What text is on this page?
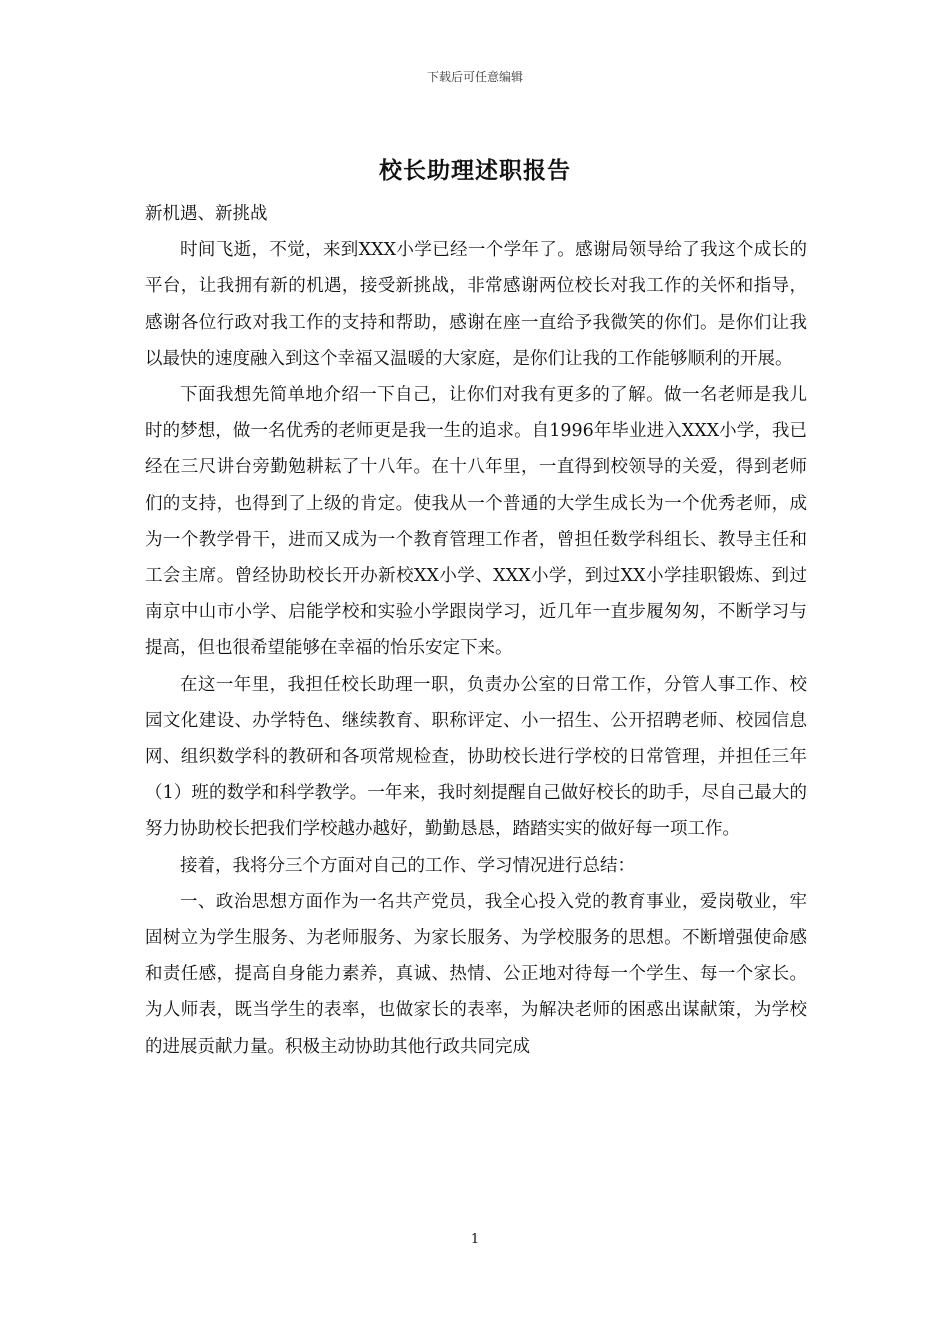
下载后可任意编辑
校长助理述职报告

新机遇、新挑战

时间飞逝，不觉，来到XXX小学已经一个学年了。感谢局领导给了我这个成长的平台，让我拥有新的机遇，接受新挑战，非常感谢两位校长对我工作的关怀和指导，感谢各位行政对我工作的支持和帮助，感谢在座一直给予我微笑的你们。是你们让我以最快的速度融入到这个幸福又温暖的大家庭，是你们让我的工作能够顺利的开展。

下面我想先简单地介绍一下自己，让你们对我有更多的了解。做一名老师是我儿时的梦想，做一名优秀的老师更是我一生的追求。自1996年毕业进入XXX小学，我已经在三尺讲台旁勤勉耕耘了十八年。在十八年里，一直得到校领导的关爱，得到老师们的支持，也得到了上级的肯定。使我从一个普通的大学生成长为一个优秀老师，成为一个教学骨干，进而又成为一个教育管理工作者，曾担任数学科组长、教导主任和工会主席。曾经协助校长开办新校XX小学、XXX小学，到过XX小学挂职锻炼、到过南京中山市小学、启能学校和实验小学跟岗学习，近几年一直步履匆匆，不断学习与提高，但也很希望能够在幸福的怡乐安定下来。

在这一年里，我担任校长助理一职，负责办公室的日常工作，分管人事工作、校园文化建设、办学特色、继续教育、职称评定、小一招生、公开招聘老师、校园信息网、组织数学科的教研和各项常规检查，协助校长进行学校的日常管理，并担任三年（1）班的数学和科学教学。一年来，我时刻提醒自己做好校长的助手，尽自己最大的努力协助校长把我们学校越办越好，勤勤恳恳，踏踏实实的做好每一项工作。

接着，我将分三个方面对自己的工作、学习情况进行总结：

一、政治思想方面作为一名共产党员，我全心投入党的教育事业，爱岗敬业，牢固树立为学生服务、为老师服务、为家长服务、为学校服务的思想。不断增强使命感和责任感，提高自身能力素养，真诚、热情、公正地对待每一个学生、每一个家长。为人师表，既当学生的表率，也做家长的表率，为解决老师的困惑出谋献策，为学校的进展贡献力量。积极主动协助其他行政共同完成

1
